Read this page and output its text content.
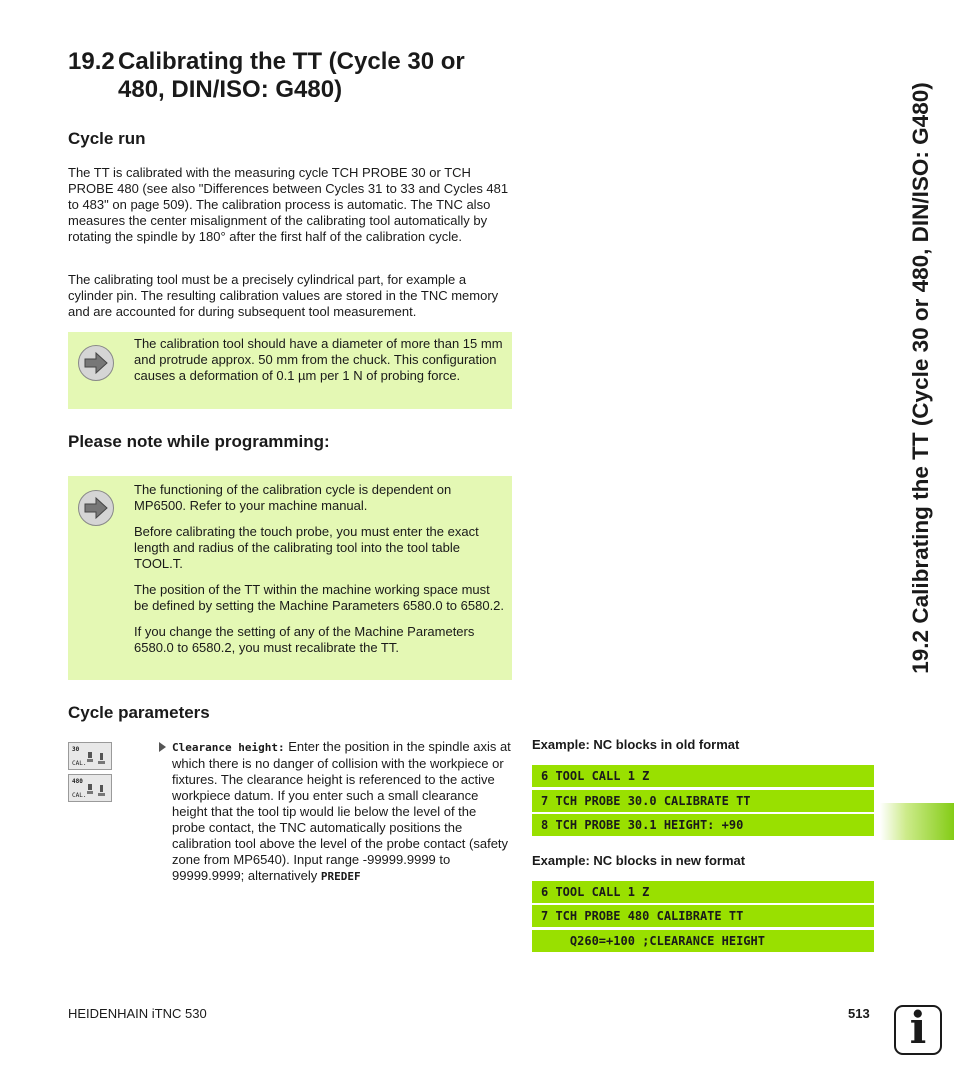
19.2 Calibrating the TT (Cycle 30 or
480, DIN/ISO: G480)
Cycle run

The TT is calibrated with the measuring cycle TCH PROBE 30 or TCH PROBE 480 (see also "Differences between Cycles 31 to 33 and Cycles 481 to 483" on page 509). The calibration process is automatic. The TNC also measures the center misalignment of the calibrating tool automatically by rotating the spindle by 180° after the first half of the calibration cycle.

The calibrating tool must be a precisely cylindrical part, for example a cylinder pin. The resulting calibration values are stored in the TNC memory and are accounted for during subsequent tool measurement.

The calibration tool should have a diameter of more than 15 mm and protrude approx. 50 mm from the chuck. This configuration causes a deformation of 0.1 µm per 1 N of probing force.

Please note while programming:

The functioning of the calibration cycle is dependent on MP6500. Refer to your machine manual.

Before calibrating the touch probe, you must enter the exact length and radius of the calibrating tool into the tool table TOOL.T.

The position of the TT within the machine working space must be defined by setting the Machine Parameters 6580.0 to 6580.2.

If you change the setting of any of the Machine Parameters 6580.0 to 6580.2, you must recalibrate the TT.

Cycle parameters
30
CAL.
480
CAL.
Clearance height: Enter the position in the spindle axis at which there is no danger of collision with the workpiece or fixtures. The clearance height is referenced to the active workpiece datum. If you enter such a small clearance height that the tool tip would lie below the level of the probe contact, the TNC automatically positions the calibration tool above the level of the probe contact (safety zone from MP6540). Input range -99999.9999 to 99999.9999; alternatively PREDEF

Example: NC blocks in old format

6 TOOL CALL 1 Z
7 TCH PROBE 30.0 CALIBRATE TT
8 TCH PROBE 30.1 HEIGHT: +90

Example: NC blocks in new format

6 TOOL CALL 1 Z
7 TCH PROBE 480 CALIBRATE TT
Q260=+100 ;CLEARANCE HEIGHT
19.2 Calibrating the TT (Cycle 30 or 480, DIN/ISO: G480)
HEIDENHAIN iTNC 530	513 i
